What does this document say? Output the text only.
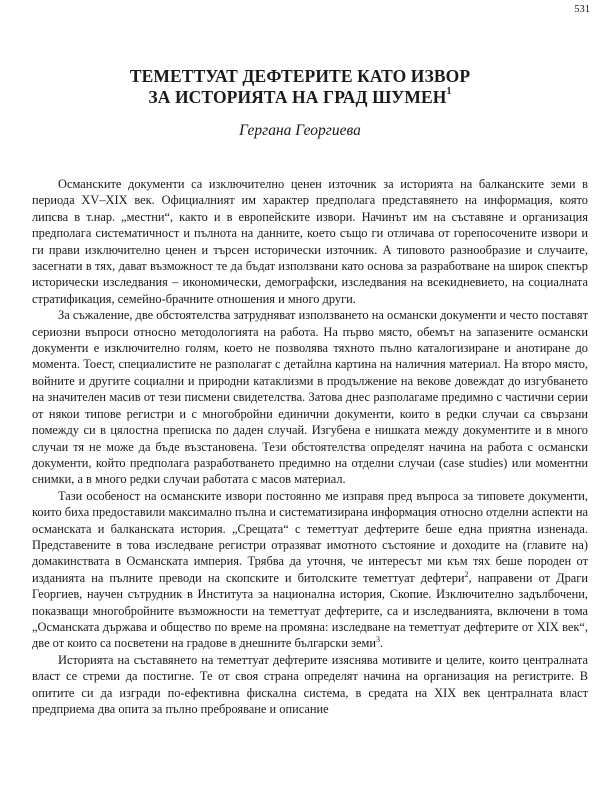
531
ТЕМЕТТУАТ ДЕФТЕРИТЕ КАТО ИЗВОР
ЗА ИСТОРИЯТА НА ГРАД ШУМЕН$^1$
Гергана Георгиева

Османските документи са изключително ценен източник за историята на балканските земи в периода XV–XIX век. Официалният им характер предполага представянето на информация, която липсва в т.нар. „местни“, както и в европейските извори. Начинът им на съставяне и организация предполага систематичност и пълнота на данните, което също ги отличава от горепосочените извори и ги прави изключително ценен и търсен исторически източник. А типовото разнообразие и случаите, засегнати в тях, дават възможност те да бъдат използвани като основа за разработване на широк спектър исторически изследвания – икономически, демографски, изследвания на всекидневието, на социалната стратификация, семейно-брачните отношения и много други.

За съжаление, две обстоятелства затрудняват използването на османски документи и често поставят сериозни въпроси относно методологията на работа. На първо място, обемът на запазените османски документи е изключително голям, което не позволява тяхното пълно каталогизиране и анотиране до момента. Тоест, специалистите не разполагат с детайлна картина на наличния материал. На второ място, войните и другите социални и природни катаклизми в продължение на векове довеждат до изгубването на значителен масив от тези писмени свидетелства. Затова днес разполагаме предимно с частични серии от някои типове регистри и с многобройни единични документи, които в редки случаи са свързани помежду си в цялостна преписка по даден случай. Изгубена е нишката между документите и в много случаи тя не може да бъде възстановена. Тези обстоятелства определят начина на работа с османски документи, който предполага разработването предимно на отделни случаи (case studies) или моментни снимки, а в много редки случаи работата с масов материал.

Тази особеност на османските извори постоянно ме изправя пред въпроса за типовете документи, които биха предоставили максимално пълна и систематизирана информация относно отделни аспекти на османската и балканската история. „Срещата“ с теметтуат дефтерите беше една приятна изненада. Представените в това изследване регистри отразяват имотното състояние и доходите на (главите на) домакинствата в Османската империя. Трябва да уточня, че интересът ми към тях беше породен от изданията на пълните преводи на скопските и битолските теметтуат дефтери$^2$, направени от Драги Георгиев, научен сътрудник в Института за национална история, Скопие. Изключително задълбочени, показващи многобройните възможности на теметтуат дефтерите, са и изследванията, включени в тома „Османската държава и общество по време на промяна: изследване на теметтуат дефтерите от XIX век“, две от които са посветени на градове в днешните български земи$^3$.

Историята на съставянето на теметтуат дефтерите изяснява мотивите и целите, които централната власт се стреми да постигне. Те от своя страна определят начина на организация на регистрите. В опитите си да изгради по-ефективна фискална система, в средата на XIX век централната власт предприема два опита за пълно преброяване и описание
